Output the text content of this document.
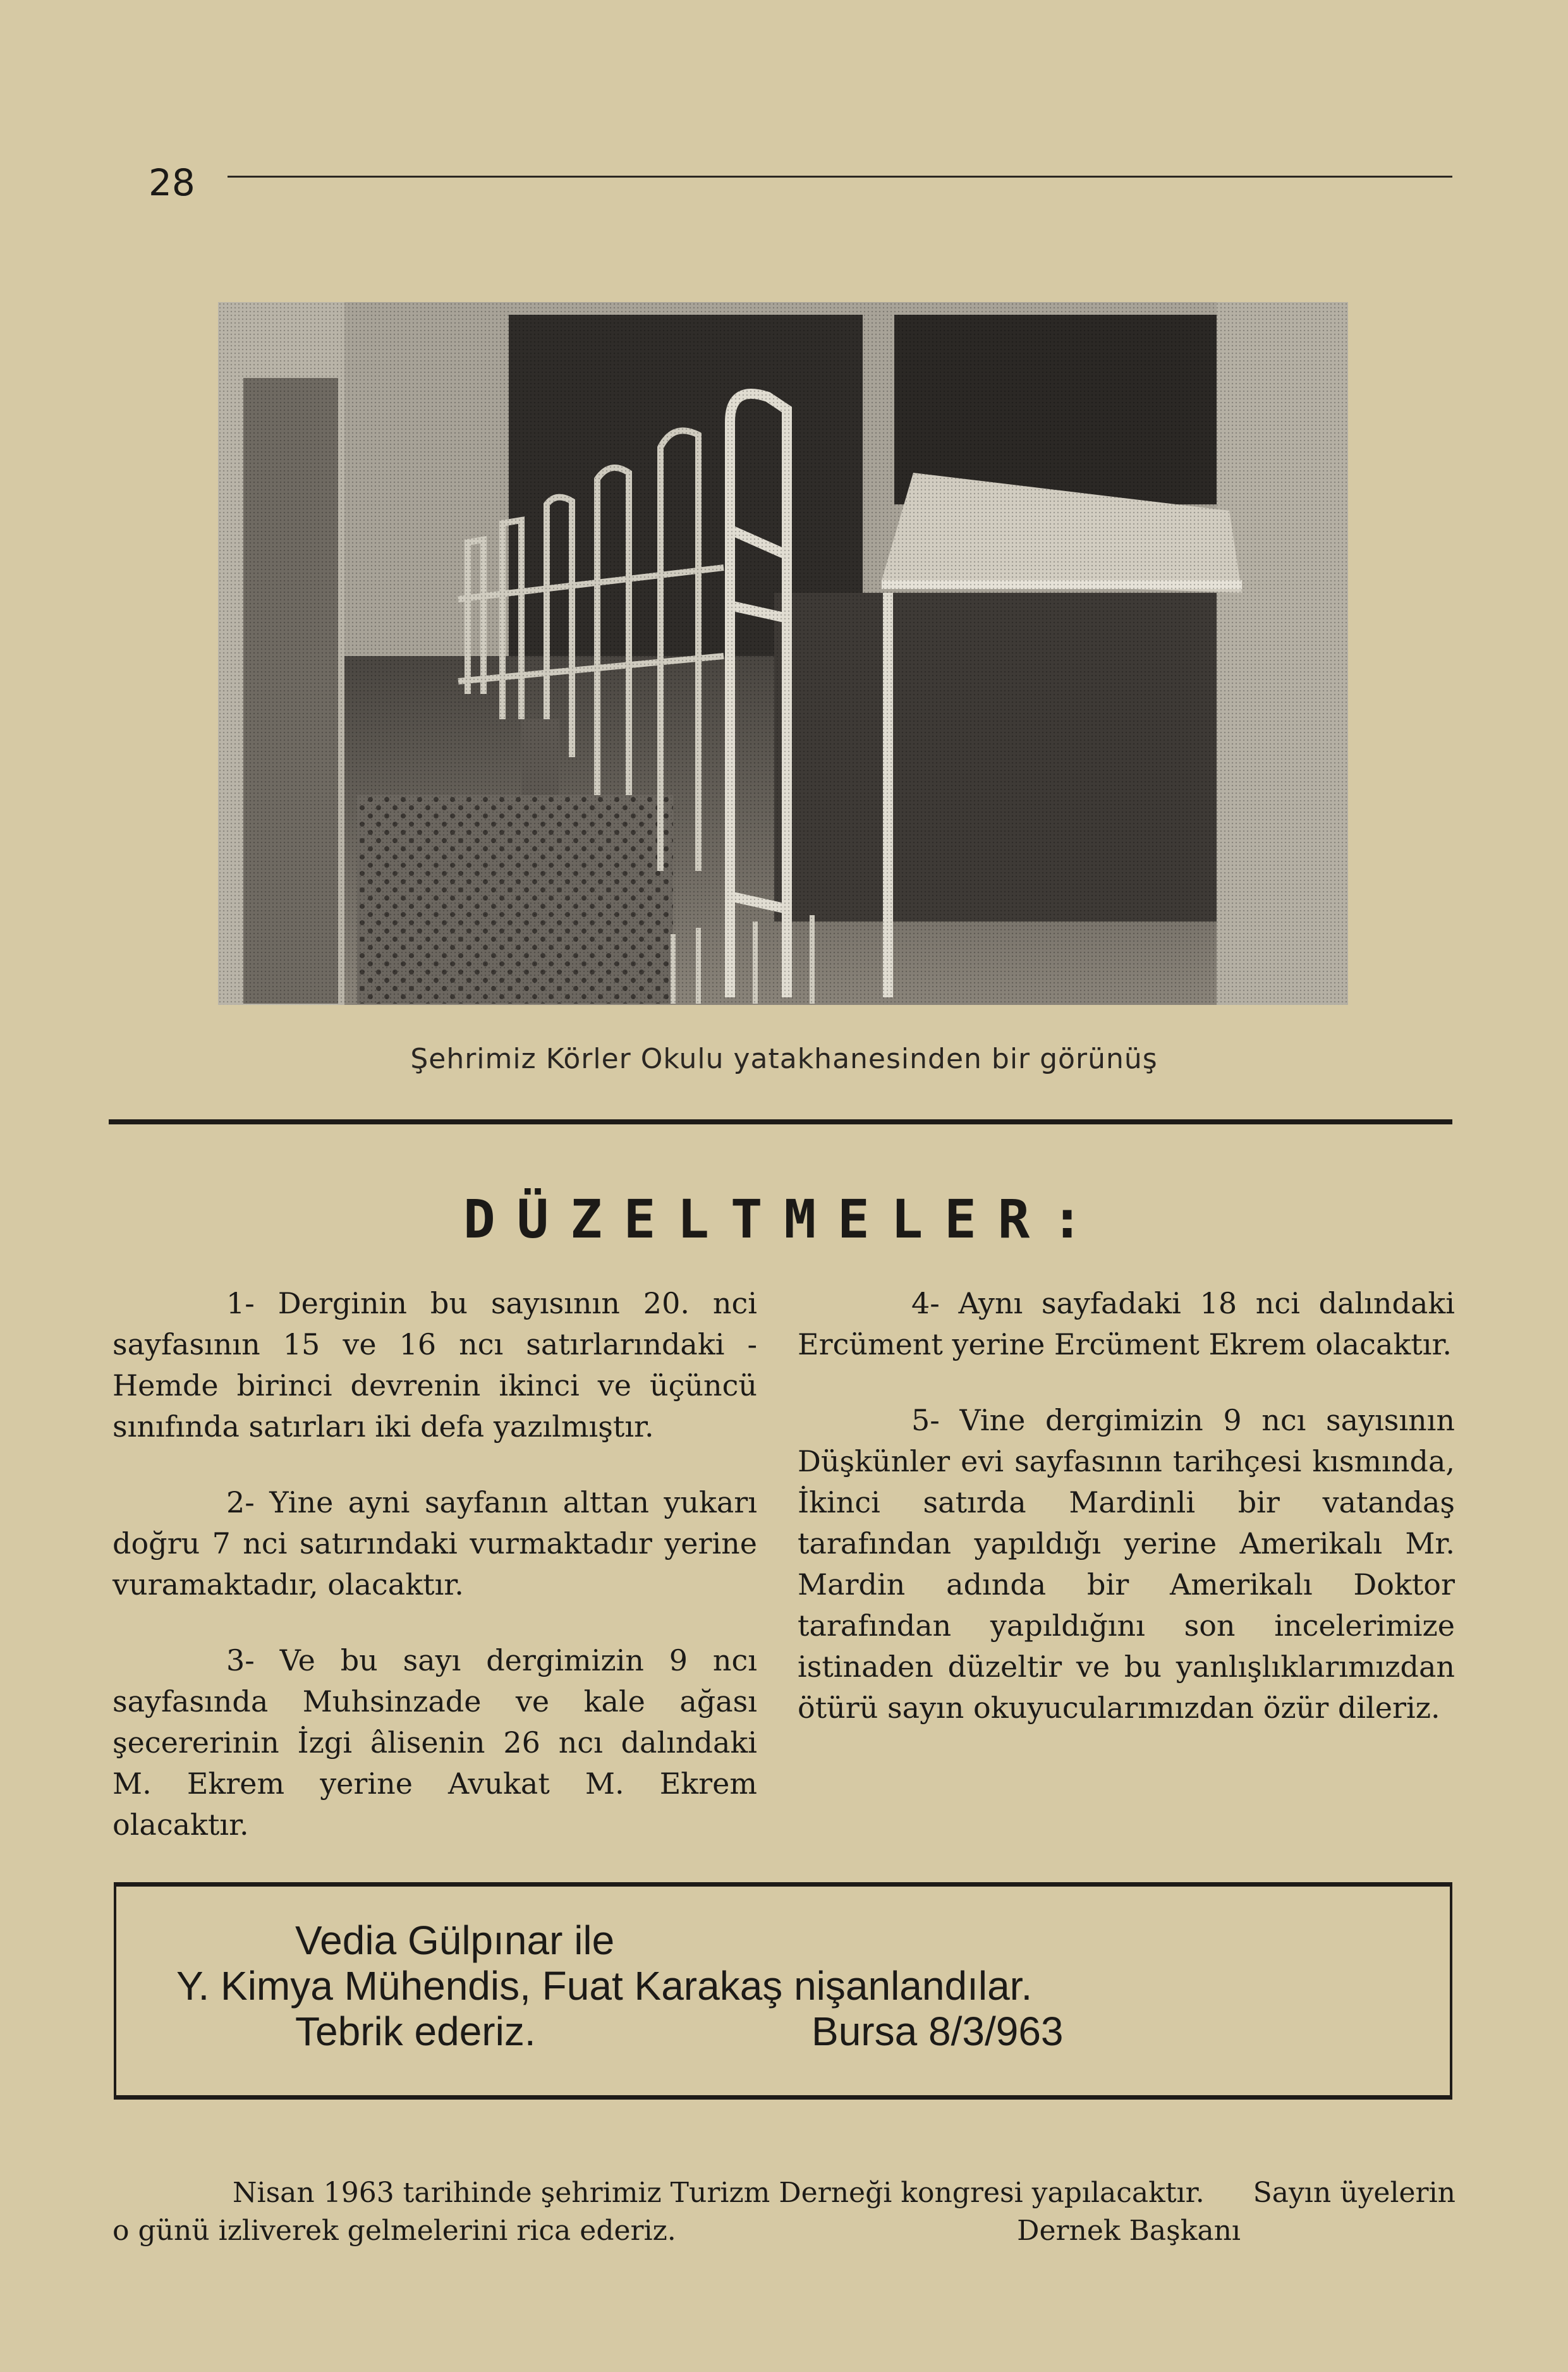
28
Şehrimiz Körler Okulu yatakhanesinden bir görünüş
DÜZELTMELER:

1- Derginin bu sayısının 20. nci sayfasının 15 ve 16 ncı satırlarındaki -Hemde birinci devrenin ikinci ve üçüncü sınıfında satırları iki defa yazılmıştır.

2- Yine ayni sayfanın alttan yukarı doğru 7 nci satırındaki vurmaktadır yerine vuramaktadır, olacaktır.

3- Ve bu sayı dergimizin 9 ncı sayfasında Muhsinzade ve kale ağası şecererinin İzgi âlisenin 26 ncı dalındaki M. Ekrem yerine Avukat M. Ekrem olacaktır.

4- Aynı sayfadaki 18 nci dalındaki Ercüment yerine Ercüment Ekrem olacaktır.

5- Vine dergimizin 9 ncı sayısının Düşkünler evi sayfasının tarihçesi kısmında, İkinci satırda Mardinli bir vatandaş tarafından yapıldığı yerine Amerikalı Mr. Mardin adında bir Amerikalı Doktor tarafından yapıldığını son incelerimize istinaden düzeltir ve bu yanlışlıklarımızdan ötürü sayın okuyucularımızdan özür dileriz.

Vedia Gülpınar ile
Y. Kimya Mühendis, Fuat Karakaş nişanlandılar.
Tebrik ederiz.	Bursa 8/3/963
Nisan 1963 tarihinde şehrimiz Turizm Derneği kongresi yapılacaktır. Sayın üyelerin
o günü izliverek gelmelerini rica ederiz.	Dernek Başkanı
